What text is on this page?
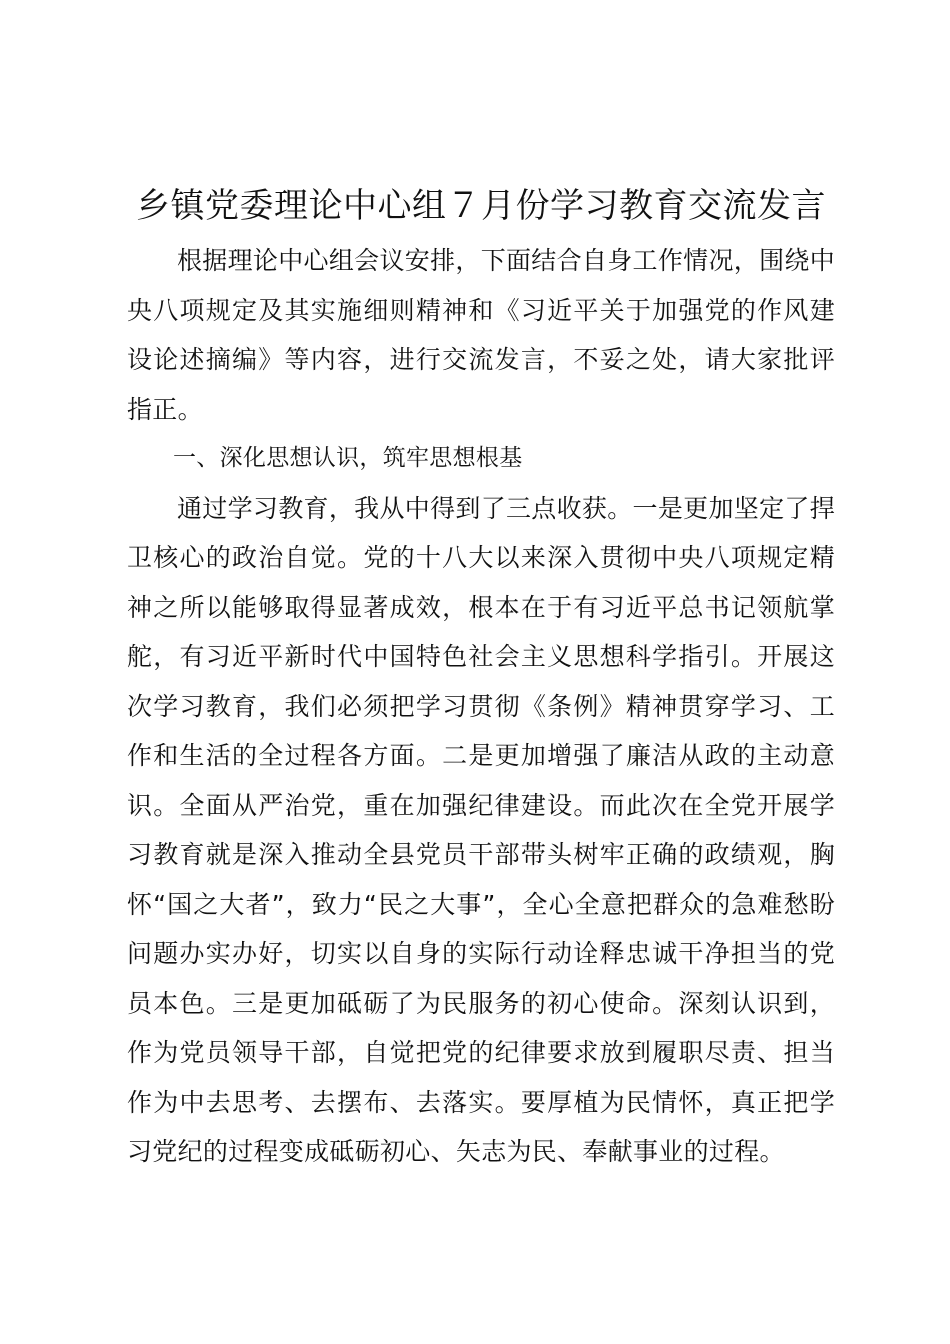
乡镇党委理论中心组７月份学习教育交流发言

根据理论中心组会议安排，下面结合自身工作情况，围绕中央八项规定及其实施细则精神和《习近平关于加强党的作风建设论述摘编》等内容，进行交流发言，不妥之处，请大家批评指正。

一、深化思想认识，筑牢思想根基

通过学习教育，我从中得到了三点收获。一是更加坚定了捍卫核心的政治自觉。党的十八大以来深入贯彻中央八项规定精神之所以能够取得显著成效，根本在于有习近平总书记领航掌舵，有习近平新时代中国特色社会主义思想科学指引。开展这次学习教育，我们必须把学习贯彻《条例》精神贯穿学习、工作和生活的全过程各方面。二是更加增强了廉洁从政的主动意识。全面从严治党，重在加强纪律建设。而此次在全党开展学习教育就是深入推动全县党员干部带头树牢正确的政绩观，胸怀“国之大者”，致力“民之大事”，全心全意把群众的急难愁盼问题办实办好，切实以自身的实际行动诠释忠诚干净担当的党员本色。三是更加砥砺了为民服务的初心使命。深刻认识到，作为党员领导干部，自觉把党的纪律要求放到履职尽责、担当作为中去思考、去摆布、去落实。要厚植为民情怀，真正把学习党纪的过程变成砥砺初心、矢志为民、奉献事业的过程。
